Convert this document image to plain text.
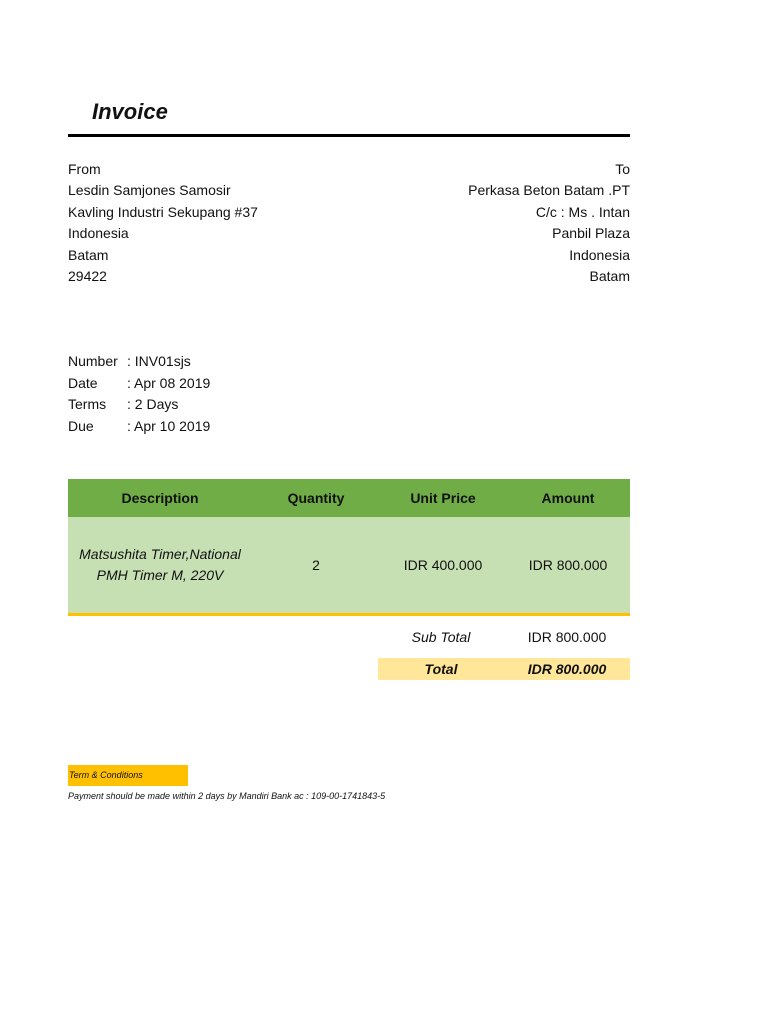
Invoice
From
Lesdin Samjones Samosir
Kavling Industri Sekupang #37
Indonesia
Batam
29422
To
Perkasa Beton Batam .PT
C/c : Ms . Intan
Panbil Plaza
Indonesia
Batam
Number : INV01sjs
Date : Apr 08 2019
Terms : 2 Days
Due : Apr 10 2019
Description	Quantity	Unit Price	Amount
Matsushita Timer,National PMH Timer M, 220V
2	IDR 400.000	IDR 800.000
Sub Total	IDR 800.000
Total	IDR 800.000
Term & Conditions
Payment should be made within 2 days by Mandiri Bank ac : 109-00-1741843-5
